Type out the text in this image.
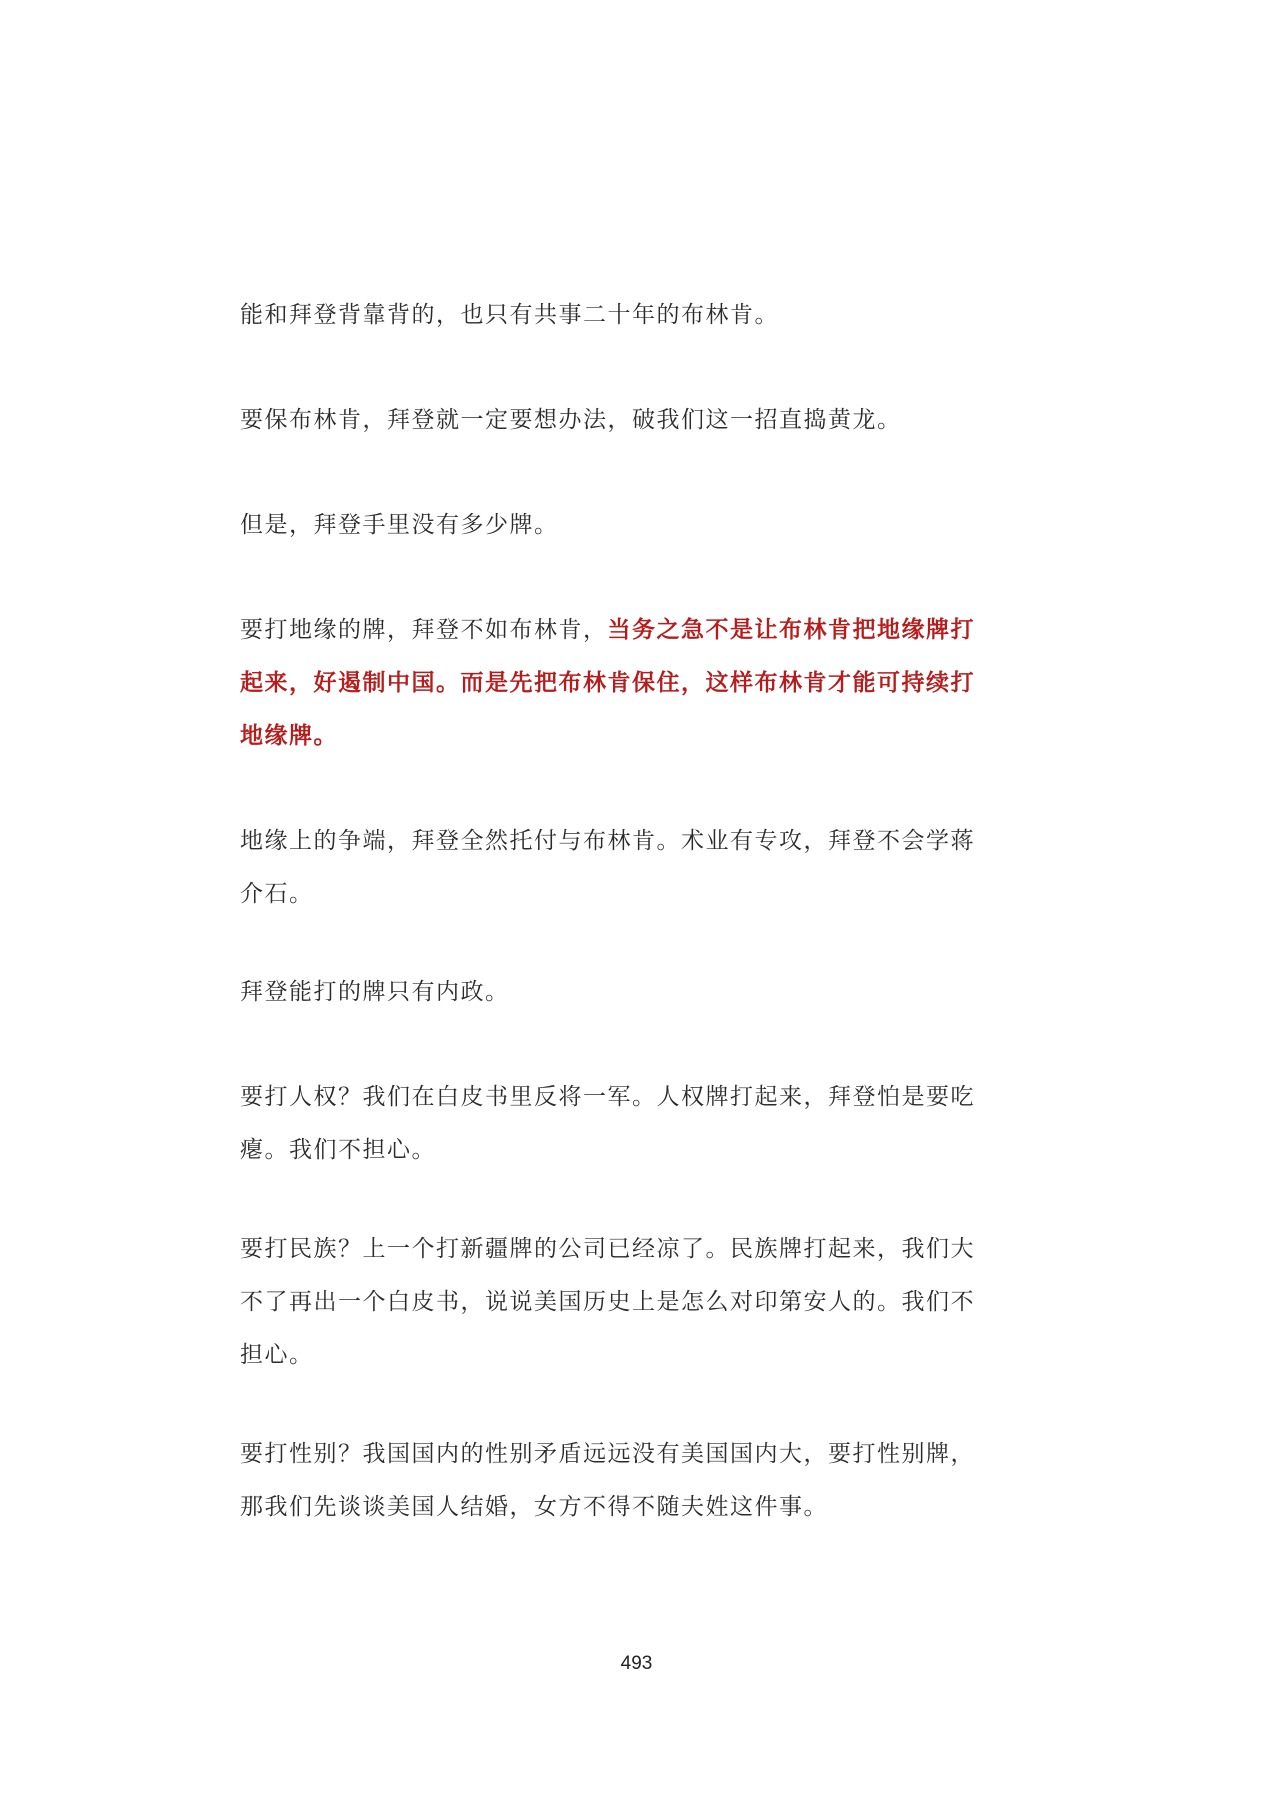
能和拜登背靠背的，也只有共事二十年的布林肯。

要保布林肯，拜登就一定要想办法，破我们这一招直捣黄龙。

但是，拜登手里没有多少牌。

要打地缘的牌，拜登不如布林肯，当务之急不是让布林肯把地缘牌打
起来，好遏制中国。而是先把布林肯保住，这样布林肯才能可持续打
地缘牌。

地缘上的争端，拜登全然托付与布林肯。术业有专攻，拜登不会学蒋
介石。

拜登能打的牌只有内政。

要打人权？我们在白皮书里反将一军。人权牌打起来，拜登怕是要吃
瘪。我们不担心。

要打民族？上一个打新疆牌的公司已经凉了。民族牌打起来，我们大
不了再出一个白皮书，说说美国历史上是怎么对印第安人的。我们不
担心。

要打性别？我国国内的性别矛盾远远没有美国国内大，要打性别牌，
那我们先谈谈美国人结婚，女方不得不随夫姓这件事。

493
